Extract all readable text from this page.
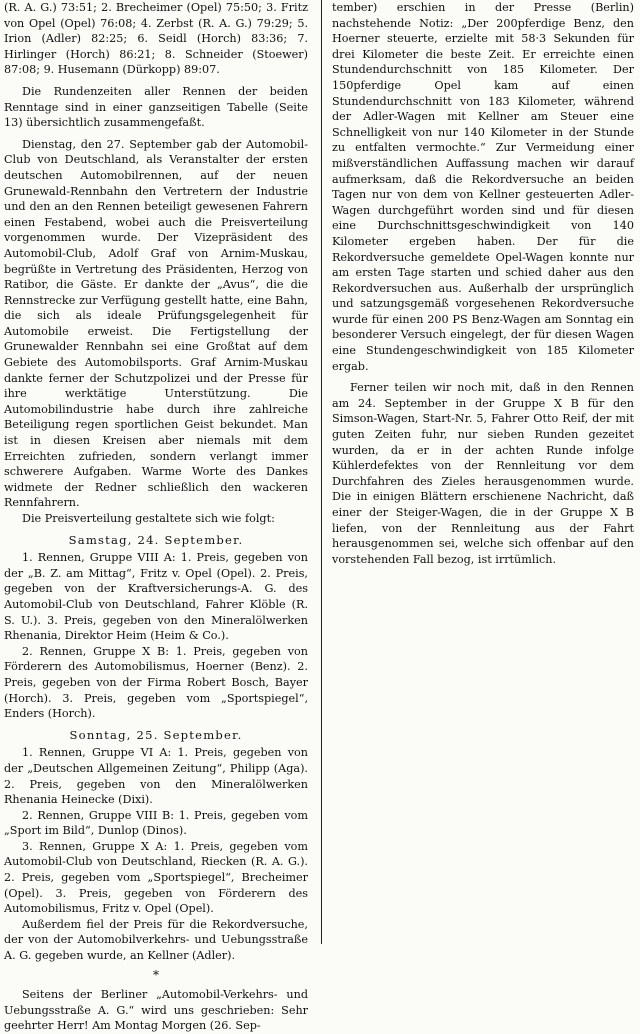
(R. A. G.) 73:51; 2. Brecheimer (Opel) 75:50; 3. Fritz von Opel (Opel) 76:08; 4. Zerbst (R. A. G.) 79:29; 5. Irion (Adler) 82:25; 6. Seidl (Horch) 83:36; 7. Hirlinger (Horch) 86:21; 8. Schneider (Stoewer) 87:08; 9. Husemann (Dürkopp) 89:07.

Die Rundenzeiten aller Rennen der beiden Renntage sind in einer ganzseitigen Tabelle (Seite 13) übersichtlich zusammengefaßt.

Dienstag, den 27. September gab der Automobil-Club von Deutschland, als Veranstalter der ersten deutschen Automobilrennen, auf der neuen Grunewald-Rennbahn den Vertretern der Industrie und den an den Rennen beteiligt gewesenen Fahrern einen Festabend, wobei auch die Preisverteilung vorgenommen wurde. Der Vizepräsident des Automobil-Club, Adolf Graf von Arnim-Muskau, begrüßte in Vertretung des Präsidenten, Herzog von Ratibor, die Gäste. Er dankte der „Avus“, die die Rennstrecke zur Verfügung gestellt hatte, eine Bahn, die sich als ideale Prüfungsgelegenheit für Automobile erweist. Die Fertigstellung der Grunewalder Rennbahn sei eine Großtat auf dem Gebiete des Automobilsports. Graf Arnim-Muskau dankte ferner der Schutzpolizei und der Presse für ihre werktätige Unterstützung. Die Automobilindustrie habe durch ihre zahlreiche Beteiligung regen sportlichen Geist bekundet. Man ist in diesen Kreisen aber niemals mit dem Erreichten zufrieden, sondern verlangt immer schwerere Aufgaben. Warme Worte des Dankes widmete der Redner schließlich den wackeren Rennfahrern.

Die Preisverteilung gestaltete sich wie folgt:

Samstag, 24. September.

1. Rennen, Gruppe VIII A: 1. Preis, gegeben von der „B. Z. am Mittag“, Fritz v. Opel (Opel). 2. Preis, gegeben von der Kraftversicherungs-A. G. des Automobil-Club von Deutschland, Fahrer Klöble (R. S. U.). 3. Preis, gegeben von den Mineralölwerken Rhenania, Direktor Heim (Heim & Co.).

2. Rennen, Gruppe X B: 1. Preis, gegeben von Förderern des Automobilismus, Hoerner (Benz). 2. Preis, gegeben von der Firma Robert Bosch, Bayer (Horch). 3. Preis, gegeben vom „Sportspiegel“, Enders (Horch).

Sonntag, 25. September.

1. Rennen, Gruppe VI A: 1. Preis, gegeben von der „Deutschen Allgemeinen Zeitung“, Philipp (Aga). 2. Preis, gegeben von den Mineralölwerken Rhenania Heinecke (Dixi).

2. Rennen, Gruppe VIII B: 1. Preis, gegeben vom „Sport im Bild“, Dunlop (Dinos).

3. Rennen, Gruppe X A: 1. Preis, gegeben vom Automobil-Club von Deutschland, Riecken (R. A. G.). 2. Preis, gegeben vom „Sportspiegel“, Brecheimer (Opel). 3. Preis, gegeben von Förderern des Automobilismus, Fritz v. Opel (Opel).

Außerdem fiel der Preis für die Rekordversuche, der von der Automobilverkehrs- und Uebungsstraße A. G. gegeben wurde, an Kellner (Adler).

*

Seitens der Berliner „Automobil-Verkehrs- und Uebungsstraße A. G.“ wird uns geschrieben: Sehr geehrter Herr! Am Montag Morgen (26. Sep-

tember) erschien in der Presse (Berlin) nachstehende Notiz: „Der 200pferdige Benz, den Hoerner steuerte, erzielte mit 58‧3 Sekunden für drei Kilometer die beste Zeit. Er erreichte einen Stundendurchschnitt von 185 Kilometer. Der 150pferdige Opel kam auf einen Stundendurchschnitt von 183 Kilometer, während der Adler-Wagen mit Kellner am Steuer eine Schnelligkeit von nur 140 Kilometer in der Stunde zu entfalten vermochte.“ Zur Vermeidung einer mißverständlichen Auffassung machen wir darauf aufmerksam, daß die Rekordversuche an beiden Tagen nur von dem von Kellner gesteuerten Adler-Wagen durchgeführt worden sind und für diesen eine Durchschnittsgeschwindigkeit von 140 Kilometer ergeben haben. Der für die Rekordversuche gemeldete Opel-Wagen konnte nur am ersten Tage starten und schied daher aus den Rekordversuchen aus. Außerhalb der ursprünglich und satzungsgemäß vorgesehenen Rekordversuche wurde für einen 200 PS Benz-Wagen am Sonntag ein besonderer Versuch eingelegt, der für diesen Wagen eine Stundengeschwindigkeit von 185 Kilometer ergab.

Ferner teilen wir noch mit, daß in den Rennen am 24. September in der Gruppe X B für den Simson-Wagen, Start-Nr. 5, Fahrer Otto Reif, der mit guten Zeiten fuhr, nur sieben Runden gezeitet wurden, da er in der achten Runde infolge Kühlerdefektes von der Rennleitung vor dem Durchfahren des Zieles herausgenommen wurde. Die in einigen Blättern erschienene Nachricht, daß einer der Steiger-Wagen, die in der Gruppe X B liefen, von der Rennleitung aus der Fahrt herausgenommen sei, welche sich offenbar auf den vorstehenden Fall bezog, ist irrtümlich.
